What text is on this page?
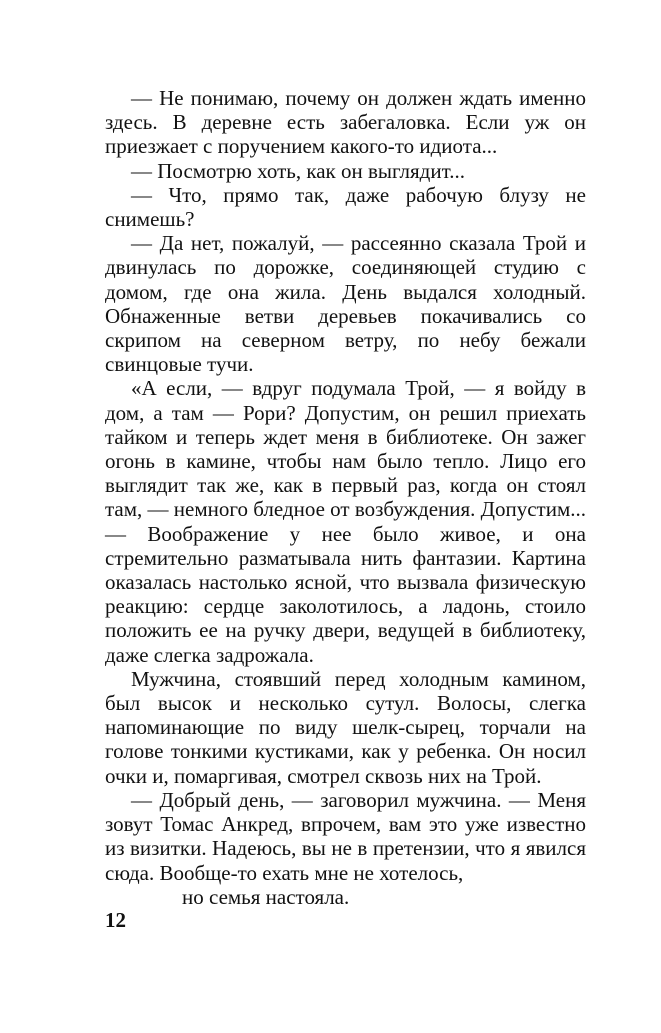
— Не понимаю, почему он должен ждать именно здесь. В деревне есть забегаловка. Если уж он приезжает с поручением какого-то идиота...

— Посмотрю хоть, как он выглядит...

— Что, прямо так, даже рабочую блузу не снимешь?

— Да нет, пожалуй, — рассеянно сказала Трой и двинулась по дорожке, соединяющей студию с домом, где она жила. День выдался холодный. Обнаженные ветви деревьев покачивались со скрипом на северном ветру, по небу бежали свинцовые тучи.

«А если, — вдруг подумала Трой, — я войду в дом, а там — Рори? Допустим, он решил приехать тайком и теперь ждет меня в библиотеке. Он зажег огонь в камине, чтобы нам было тепло. Лицо его выглядит так же, как в первый раз, когда он стоял там, — немного бледное от возбуждения. Допустим... — Воображение у нее было живое, и она стремительно разматывала нить фантазии. Картина оказалась настолько ясной, что вызвала физическую реакцию: сердце заколотилось, а ладонь, стоило положить ее на ручку двери, ведущей в библиотеку, даже слегка задрожала.

Мужчина, стоявший перед холодным камином, был высок и несколько сутул. Волосы, слегка напоминающие по виду шелк-сырец, торчали на голове тонкими кустиками, как у ребенка. Он носил очки и, помаргивая, смотрел сквозь них на Трой.

— Добрый день, — заговорил мужчина. — Меня зовут Томас Анкред, впрочем, вам это уже известно из визитки. Надеюсь, вы не в претензии, что я явился сюда. Вообще-то ехать мне не хотелось,

но семья настояла.

12
